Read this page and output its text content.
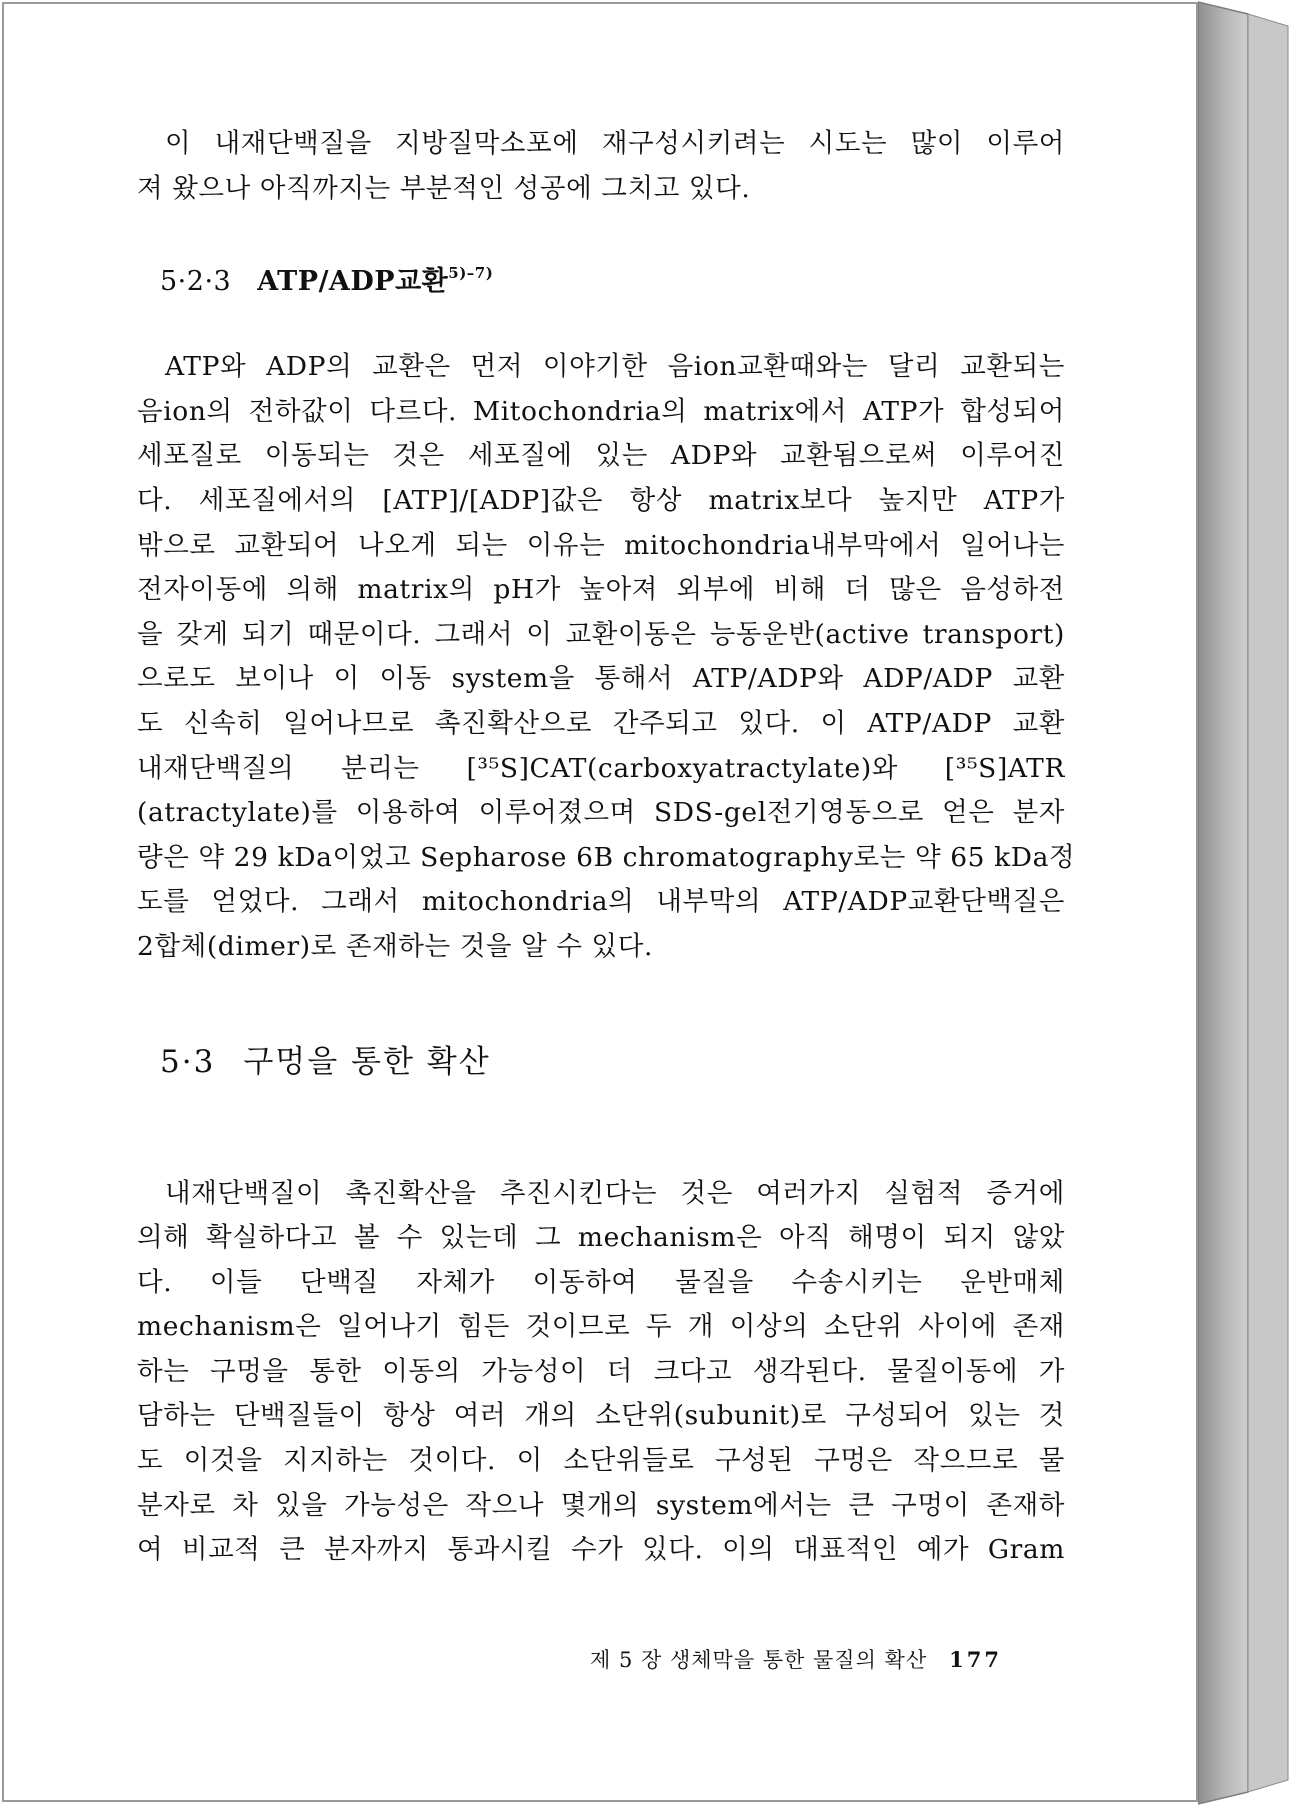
이 내재단백질을 지방질막소포에 재구성시키려는 시도는 많이 이루어
져 왔으나 아직까지는 부분적인 성공에 그치고 있다.

5·2·3 ATP/ADP교환$^{5)-7)}$

ATP와 ADP의 교환은 먼저 이야기한 음ion교환때와는 달리 교환되는
음ion의 전하값이 다르다. Mitochondria의 matrix에서 ATP가 합성되어
세포질로 이동되는 것은 세포질에 있는 ADP와 교환됨으로써 이루어진
다. 세포질에서의 [ATP]/[ADP]값은 항상 matrix보다 높지만 ATP가
밖으로 교환되어 나오게 되는 이유는 mitochondria내부막에서 일어나는
전자이동에 의해 matrix의 pH가 높아져 외부에 비해 더 많은 음성하전
을 갖게 되기 때문이다. 그래서 이 교환이동은 능동운반(active transport)
으로도 보이나 이 이동 system을 통해서 ATP/ADP와 ADP/ADP 교환
도 신속히 일어나므로 촉진확산으로 간주되고 있다. 이 ATP/ADP 교환
내재단백질의 분리는 [³⁵S]CAT(carboxyatractylate)와 [³⁵S]ATR
(atractylate)를 이용하여 이루어졌으며 SDS-gel전기영동으로 얻은 분자
량은 약 29 kDa이었고 Sepharose 6B chromatography로는 약 65 kDa정
도를 얻었다. 그래서 mitochondria의 내부막의 ATP/ADP교환단백질은
2합체(dimer)로 존재하는 것을 알 수 있다.

5·3 구멍을 통한 확산

내재단백질이 촉진확산을 추진시킨다는 것은 여러가지 실험적 증거에
의해 확실하다고 볼 수 있는데 그 mechanism은 아직 해명이 되지 않았
다. 이들 단백질 자체가 이동하여 물질을 수송시키는 운반매체
mechanism은 일어나기 힘든 것이므로 두 개 이상의 소단위 사이에 존재
하는 구멍을 통한 이동의 가능성이 더 크다고 생각된다. 물질이동에 가
담하는 단백질들이 항상 여러 개의 소단위(subunit)로 구성되어 있는 것
도 이것을 지지하는 것이다. 이 소단위들로 구성된 구멍은 작으므로 물
분자로 차 있을 가능성은 작으나 몇개의 system에서는 큰 구멍이 존재하
여 비교적 큰 분자까지 통과시킬 수가 있다. 이의 대표적인 예가 Gram

제 5 장 생체막을 통한 물질의 확산 177
